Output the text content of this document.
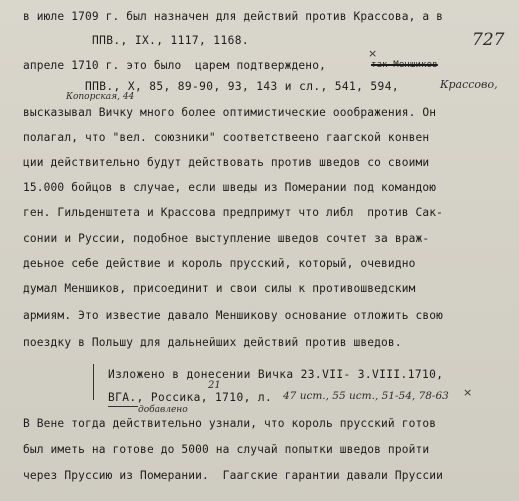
727
в июле 1709 г. был назначен для действий против Крассова, а в
ППВ., IX., 1117, 1168.
апреле 1710 г. это было  царем подтверждено,	так Меншиков
×
ППВ., Х, 85, 89-90, 93, 143 и сл., 541, 594,	Крассово,
Копорская, 44
высказывал Вичку много более оптимистические ооображения. Он
полагал, что "вел. союзники" соответствеено гаагской конвен
ции действительно будут действовать против шведов со своими
15.000 бойцов в случае, если шведы из Померании под командою
ген. Гильденштета и Крассова предпримут что либл  против Сак-
сонии и Руссии, подобное выступление шведов сочтет за враж-
деьное себе действие и король прусский, который, очевидно
думал Меншиков, присоединит и свои силы к противошведским
армиям. Это известие давало Меншикову основание отложить свою
поездку в Польшу для дальнейших действий против шведов.
Изложено в донесении Вичка 23.VII- 3.VIII.1710,
ВГА., Россика, 1710, л.
21
47 ист., 55 ист., 51-54, 78-63
добавлено
×
В Вене тогда действительно узнали, что король прусский готов
был иметь на готове до 5000 на случай попытки шведов пройти
через Пруссию из Померании.  Гаагские гарантии давали Пруссии
